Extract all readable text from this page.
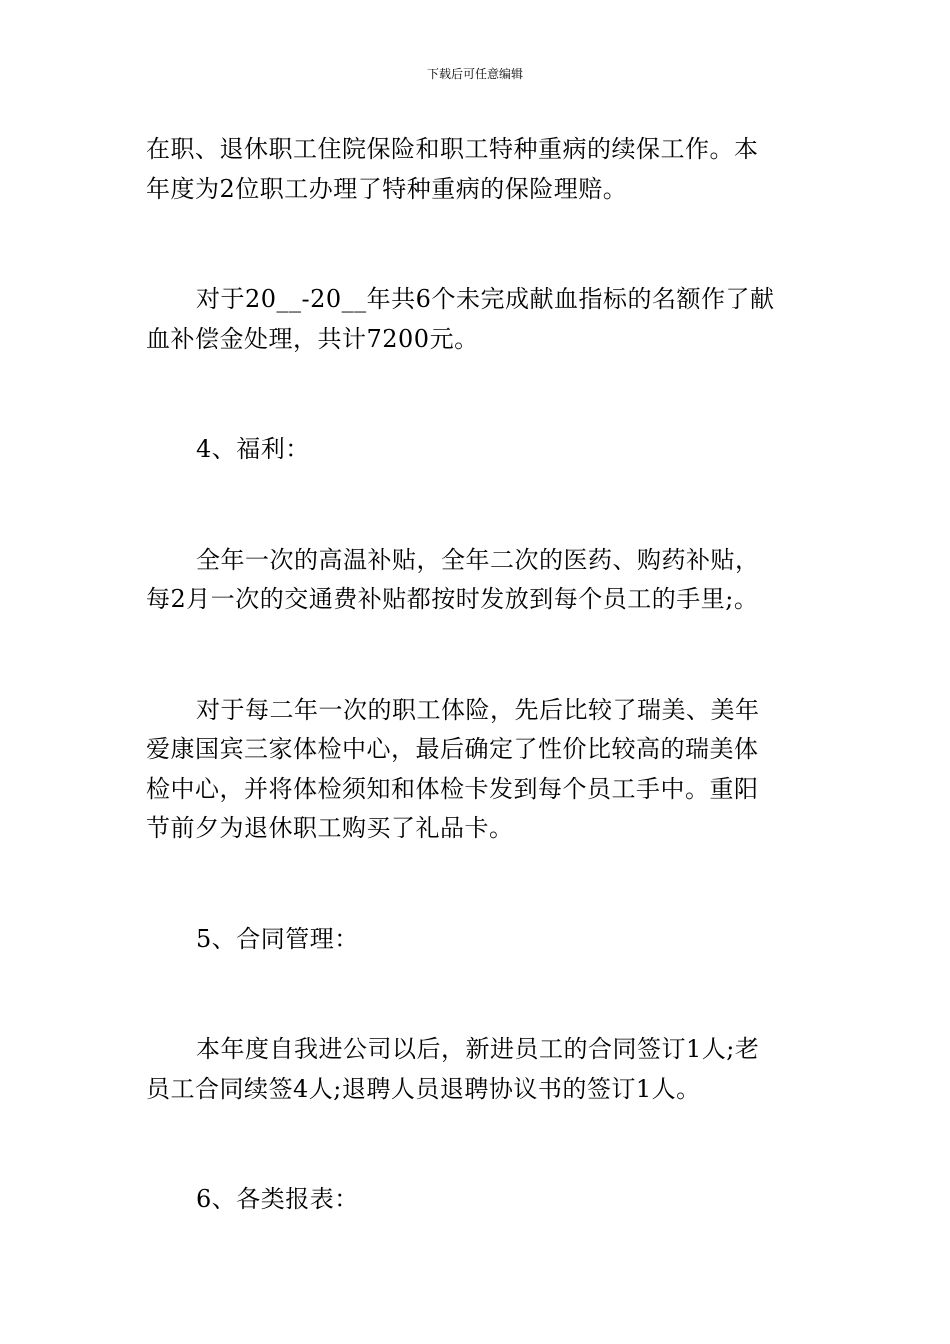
下载后可任意编辑

在职、退休职工住院保险和职工特种重病的续保工作。本
年度为2位职工办理了特种重病的保险理赔。

对于20__-20__年共6个未完成献血指标的名额作了献
血补偿金处理，共计7200元。

4、福利：

全年一次的高温补贴，全年二次的医药、购药补贴，
每2月一次的交通费补贴都按时发放到每个员工的手里;。

对于每二年一次的职工体险，先后比较了瑞美、美年
爱康国宾三家体检中心，最后确定了性价比较高的瑞美体
检中心，并将体检须知和体检卡发到每个员工手中。重阳
节前夕为退休职工购买了礼品卡。

5、合同管理：

本年度自我进公司以后，新进员工的合同签订1人;老
员工合同续签4人;退聘人员退聘协议书的签订1人。

6、各类报表：
